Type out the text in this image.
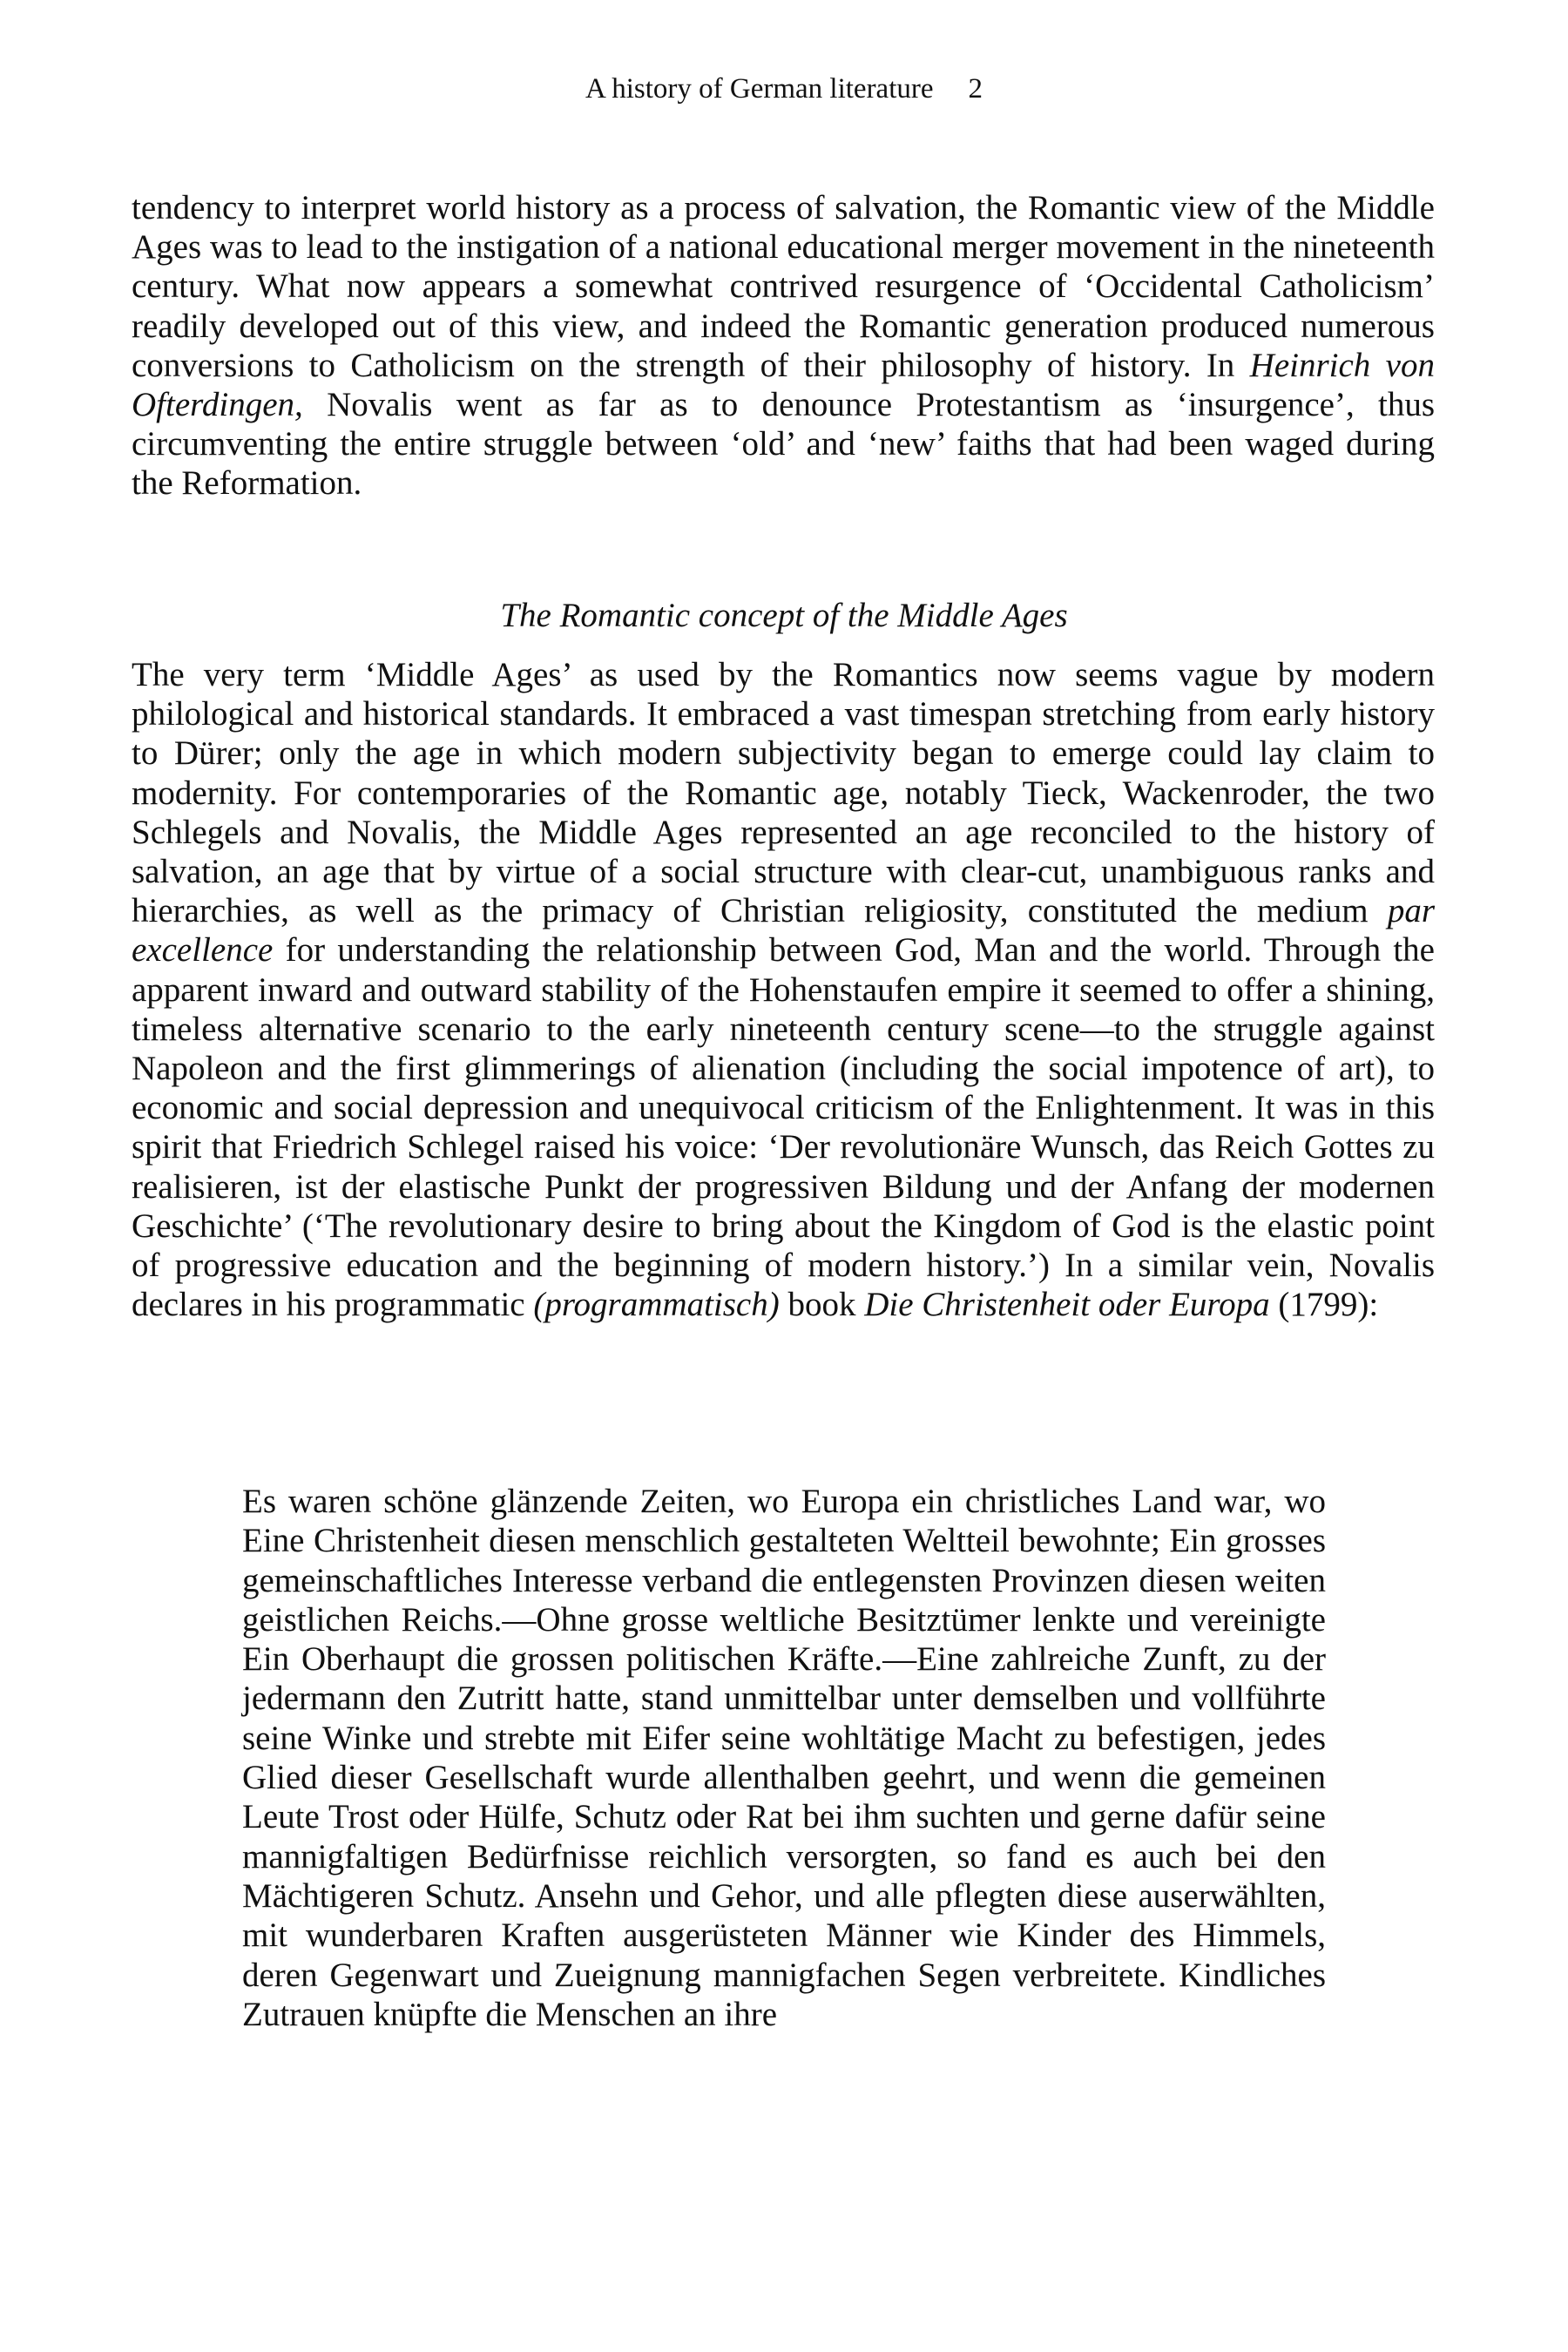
A history of German literature 2

tendency to interpret world history as a process of salvation, the Romantic view of the Middle Ages was to lead to the instigation of a national educational merger movement in the nineteenth century. What now appears a somewhat contrived resurgence of ‘Occidental Catholicism’ readily developed out of this view, and indeed the Romantic generation produced numerous conversions to Catholicism on the strength of their philosophy of history. In Heinrich von Ofterdingen, Novalis went as far as to denounce Protestantism as ‘insurgence’, thus circumventing the entire struggle between ‘old’ and ‘new’ faiths that had been waged during the Reformation.

The Romantic concept of the Middle Ages

The very term ‘Middle Ages’ as used by the Romantics now seems vague by modern philological and historical standards. It embraced a vast timespan stretching from early history to Dürer; only the age in which modern subjectivity began to emerge could lay claim to modernity. For contemporaries of the Romantic age, notably Tieck, Wackenroder, the two Schlegels and Novalis, the Middle Ages represented an age reconciled to the history of salvation, an age that by virtue of a social structure with clear-cut, unambiguous ranks and hierarchies, as well as the primacy of Christian religiosity, constituted the medium par excellence for understanding the relationship between God, Man and the world. Through the apparent inward and outward stability of the Hohenstaufen empire it seemed to offer a shining, timeless alternative scenario to the early nineteenth century scene—to the struggle against Napoleon and the first glimmerings of alienation (including the social impotence of art), to economic and social depression and unequivocal criticism of the Enlightenment. It was in this spirit that Friedrich Schlegel raised his voice: ‘Der revolutionäre Wunsch, das Reich Gottes zu realisieren, ist der elastische Punkt der progressiven Bildung und der Anfang der modernen Geschichte’ (‘The revolutionary desire to bring about the Kingdom of God is the elastic point of progressive education and the beginning of modern history.’) In a similar vein, Novalis declares in his programmatic (programmatisch) book Die Christenheit oder Europa (1799):

Es waren schöne glänzende Zeiten, wo Europa ein christliches Land war, wo Eine Christenheit diesen menschlich gestalteten Weltteil bewohnte; Ein grosses gemeinschaftliches Interesse verband die entlegensten Provinzen diesen weiten geistlichen Reichs.—Ohne grosse weltliche Besitztümer lenkte und vereinigte Ein Oberhaupt die grossen politischen Kräfte.—Eine zahlreiche Zunft, zu der jedermann den Zutritt hatte, stand unmittelbar unter demselben und vollführte seine Winke und strebte mit Eifer seine wohltätige Macht zu befestigen, jedes Glied dieser Gesellschaft wurde allenthalben geehrt, und wenn die gemeinen Leute Trost oder Hülfe, Schutz oder Rat bei ihm suchten und gerne dafür seine mannigfaltigen Bedürfnisse reichlich versorgten, so fand es auch bei den Mächtigeren Schutz. Ansehn und Gehor, und alle pflegten diese auserwählten, mit wunderbaren Kraften ausgerüsteten Männer wie Kinder des Himmels, deren Gegenwart und Zueignung mannigfachen Segen verbreitete. Kindliches Zutrauen knüpfte die Menschen an ihre
